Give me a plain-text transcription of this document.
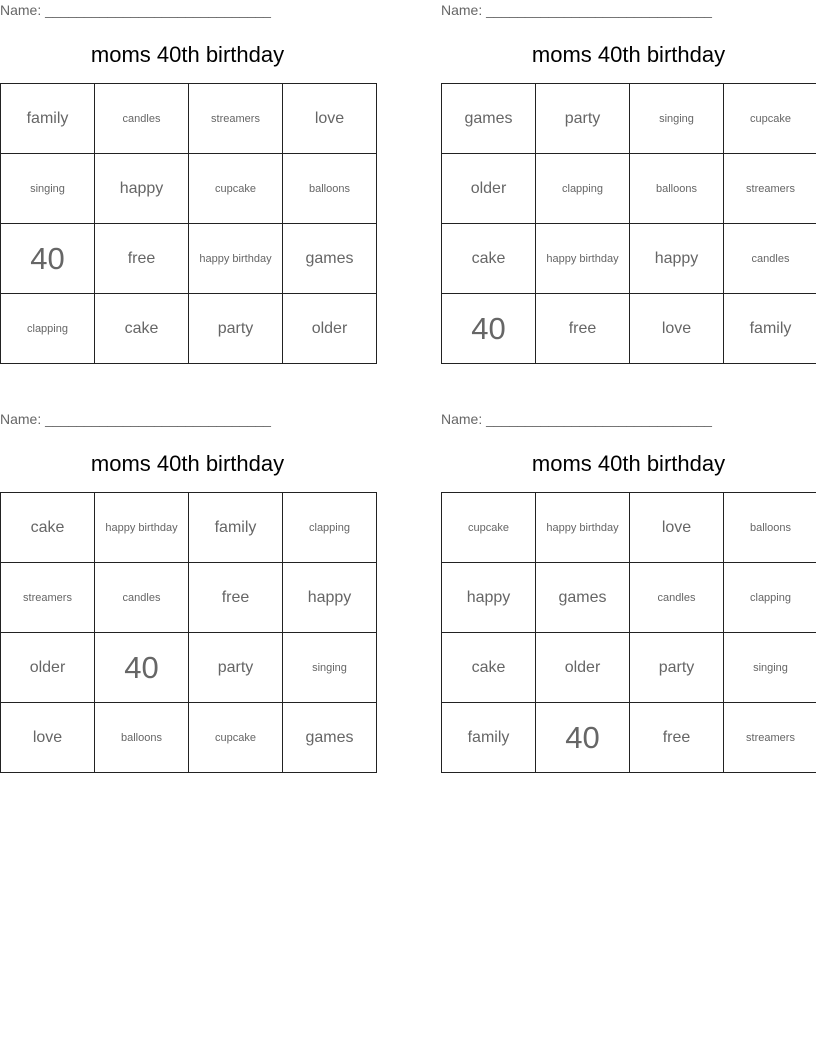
Name: _____________________________
moms 40th birthday
family	candles	streamers	love
singing	happy	cupcake	balloons
40	free	happy birthday	games
clapping	cake	party	older
Name: _____________________________
moms 40th birthday
games	party	singing	cupcake
older	clapping	balloons	streamers
cake	happy birthday	happy	candles
40	free	love	family
Name: _____________________________
moms 40th birthday
cake	happy birthday	family	clapping
streamers	candles	free	happy
older	40	party	singing
love	balloons	cupcake	games
Name: _____________________________
moms 40th birthday
cupcake	happy birthday	love	balloons
happy	games	candles	clapping
cake	older	party	singing
family	40	free	streamers
